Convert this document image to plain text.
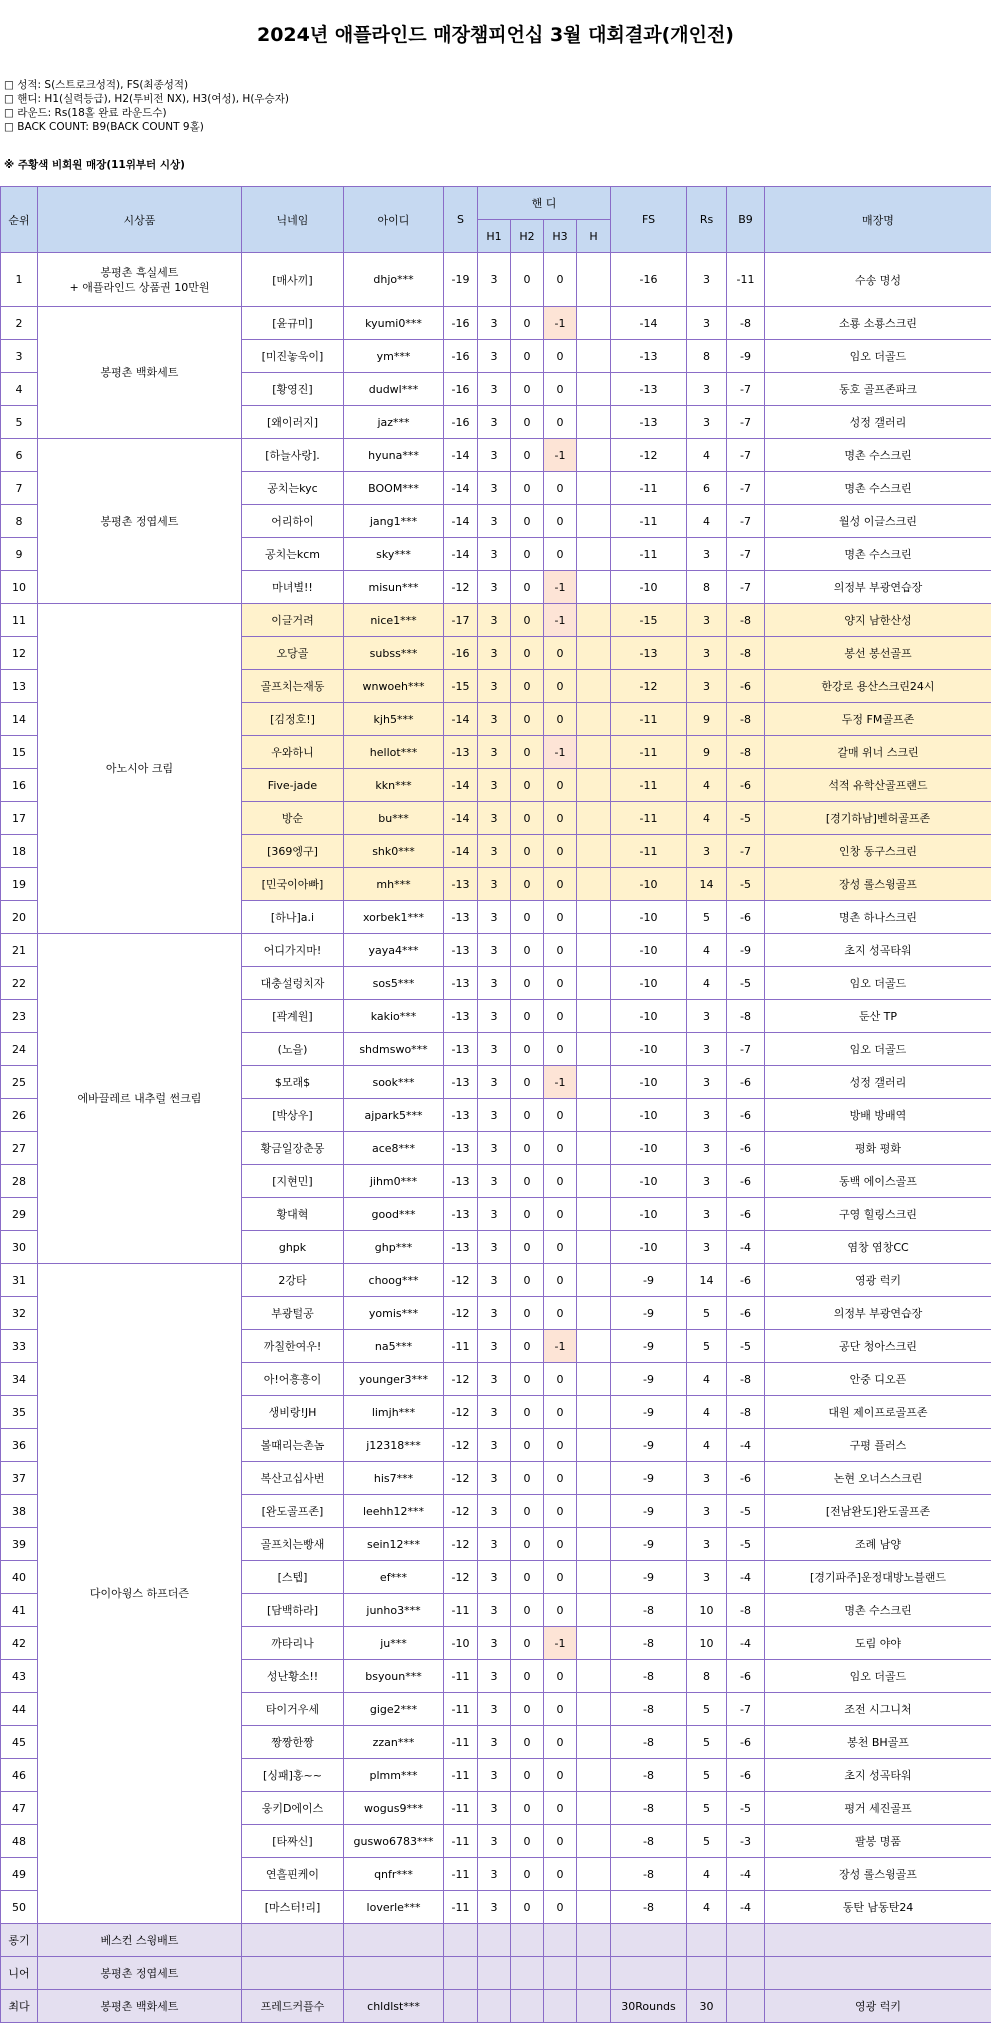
2024년 애플라인드 매장챔피언십 3월 대회결과(개인전)
□ 성적: S(스트로크성적), FS(최종성적)
□ 핸디: H1(실력등급), H2(투비전 NX), H3(여성), H(우승자)
□ 라운드: Rs(18홀 완료 라운드수)
□ BACK COUNT: B9(BACK COUNT 9홀)
※ 주황색 비회원 매장(11위부터 시상)
순위	시상품	닉네임	아이디	S	핸 디				FS	Rs	B9	매장명
					H1	H2	H3	H				
1	봉평촌 흑실세트
+ 애플라인드 상품권 10만원	[매사끼]	dhjo***	-19	3	0	0		-16	3	-11	수송 명성
2	봉평촌 백화세트	[윤규미]	kyumi0***	-16	3	0	-1		-14	3	-8	소룡 소룡스크린
3		[미진놓욱이]	ym***	-16	3	0	0		-13	8	-9	임오 더골드
4		[황영진]	dudwl***	-16	3	0	0		-13	3	-7	동호 골프존파크
5		[왜이러지]	jaz***	-16	3	0	0		-13	3	-7	성정 갤러리
6	봉평촌 정엽세트	[하늘사랑].	hyuna***	-14	3	0	-1		-12	4	-7	명촌 수스크린
7		공치는kyc	BOOM***	-14	3	0	0		-11	6	-7	명촌 수스크린
8		어리하이	jang1***	-14	3	0	0		-11	4	-7	월성 이글스크린
9		공치는kcm	sky***	-14	3	0	0		-11	3	-7	명촌 수스크린
10		마녀별!!	misun***	-12	3	0	-1		-10	8	-7	의정부 부광연습장
11	아노시아 크림	이글거려	nice1***	-17	3	0	-1		-15	3	-8	양지 남한산성
12		오당골	subss***	-16	3	0	0		-13	3	-8	봉선 봉선골프
13		골프치는재동	wnwoeh***	-15	3	0	0		-12	3	-6	한강로 용산스크린24시
14		[김정호!]	kjh5***	-14	3	0	0		-11	9	-8	두정 FM골프존
15		우와하니	hellot***	-13	3	0	-1		-11	9	-8	갈매 위너 스크린
16		Five-jade	kkn***	-14	3	0	0		-11	4	-6	석적 유학산골프랜드
17		방순	bu***	-14	3	0	0		-11	4	-5	[경기하남]벤허골프존
18		[369엥구]	shk0***	-14	3	0	0		-11	3	-7	인창 동구스크린
19		[민국이아빠]	mh***	-13	3	0	0		-10	14	-5	장성 롤스윙골프
20		[하나]a.i	xorbek1***	-13	3	0	0		-10	5	-6	명촌 하나스크린
21	에바끌레르 내추럴 썬크림	어디가지마!	yaya4***	-13	3	0	0		-10	4	-9	초지 성곡타워
22		대충설렁치자	sos5***	-13	3	0	0		-10	4	-5	임오 더골드
23		[곽계원]	kakio***	-13	3	0	0		-10	3	-8	둔산 TP
24		(노을)	shdmswo***	-13	3	0	0		-10	3	-7	임오 더골드
25		$모래$	sook***	-13	3	0	-1		-10	3	-6	성정 갤러리
26		[박상우]	ajpark5***	-13	3	0	0		-10	3	-6	방배 방배역
27		황금일장춘몽	ace8***	-13	3	0	0		-10	3	-6	평화 평화
28		[지현민]	jihm0***	-13	3	0	0		-10	3	-6	동백 에이스골프
29		황대혁	good***	-13	3	0	0		-10	3	-6	구영 힐링스크린
30		ghpk	ghp***	-13	3	0	0		-10	3	-4	염창 염창CC
31	다이아윙스 하프더즌	2강타	choog***	-12	3	0	0		-9	14	-6	영광 럭키
32		부광털공	yomis***	-12	3	0	0		-9	5	-6	의정부 부광연습장
33		까칠한여우!	na5***	-11	3	0	-1		-9	5	-5	공단 청아스크린
34		아!어흥흥이	younger3***	-12	3	0	0		-9	4	-8	안중 디오픈
35		생비랑!JH	limjh***	-12	3	0	0		-9	4	-8	대원 제이프로골프존
36		볼때리는촌놈	j12318***	-12	3	0	0		-9	4	-4	구평 플러스
37		복산고십사번	his7***	-12	3	0	0		-9	3	-6	논현 오너스스크린
38		[완도골프존]	leehh12***	-12	3	0	0		-9	3	-5	[전남완도]완도골프존
39		골프치는빵새	sein12***	-12	3	0	0		-9	3	-5	조례 남양
40		[스텝]	ef***	-12	3	0	0		-9	3	-4	[경기파주]운정대방노블랜드
41		[담백하라]	junho3***	-11	3	0	0		-8	10	-8	명촌 수스크린
42		까타리나	ju***	-10	3	0	-1		-8	10	-4	도림 야야
43		성난황소!!	bsyoun***	-11	3	0	0		-8	8	-6	임오 더골드
44		타이거우세	gige2***	-11	3	0	0		-8	5	-7	조전 시그니처
45		짱짱한짱	zzan***	-11	3	0	0		-8	5	-6	봉천 BH골프
46		[싱패]홍~~	plmm***	-11	3	0	0		-8	5	-6	초지 성곡타워
47		웅키D에이스	wogus9***	-11	3	0	0		-8	5	-5	평거 세진골프
48		[타짜신]	guswo6783***	-11	3	0	0		-8	5	-3	팔봉 명품
49		연흘핀케이	qnfr***	-11	3	0	0		-8	4	-4	장성 롤스윙골프
50		[마스터!리]	loverle***	-11	3	0	0		-8	4	-4	동탄 남동탄24
롱기	베스컨 스윙배트											
니어	봉평촌 정엽세트											
최다	봉평촌 백화세트	프레드커플수	chldlst***						30Rounds	30		영광 럭키
